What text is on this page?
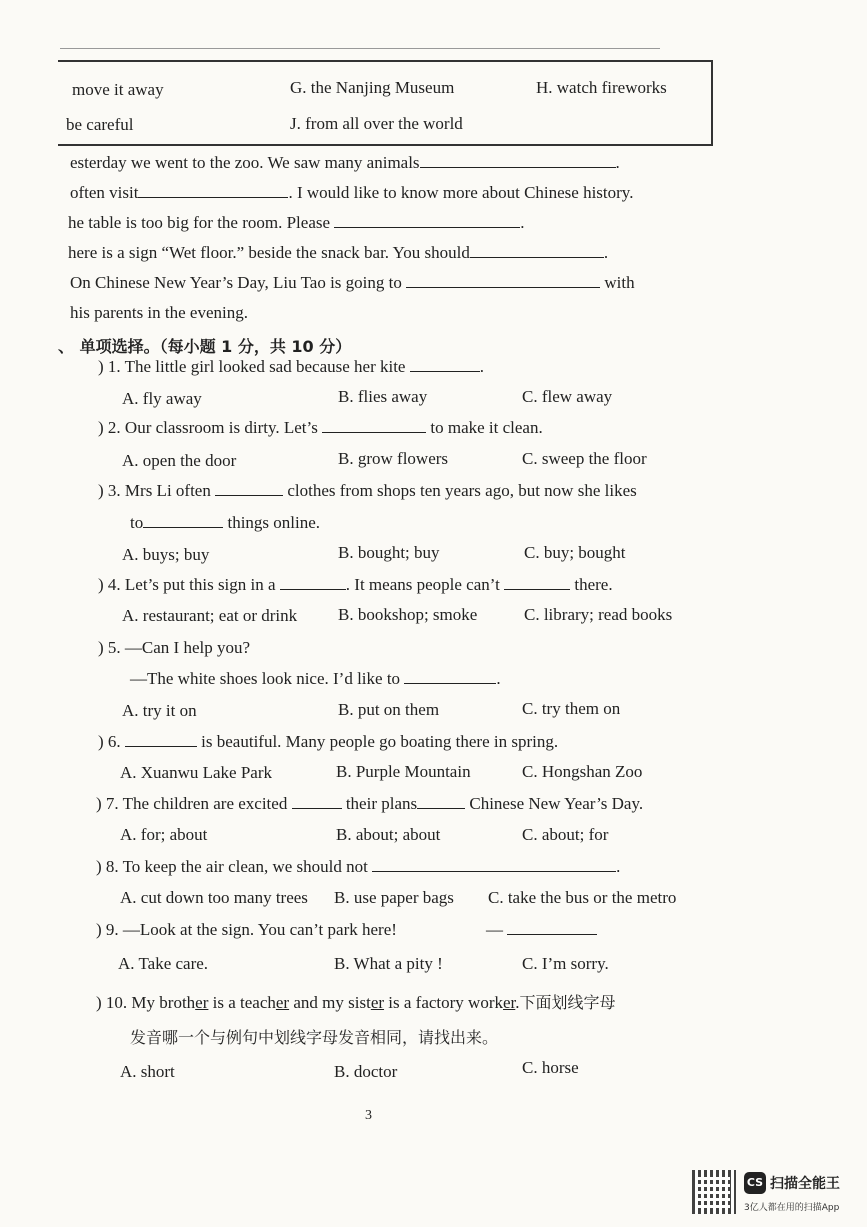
move it away	G. the Nanjing Museum	H. watch fireworks
be careful	J. from all over the world
esterday we went to the zoo. We saw many animals	.
often visit	. I would like to know more about Chinese history.
he table is too big for the room. Please	.
here is a sign “Wet floor.” beside the snack bar. You should	.
On Chinese New Year’s Day, Liu Tao is going to	with
his parents in the evening.
、 单项选择。（每小题 1 分，共 10 分）
) 1. The little girl looked sad because her kite	.
A. fly away	B. flies away	C. flew away
) 2. Our classroom is dirty. Let’s	to make it clean.
A. open the door	B. grow flowers	C. sweep the floor
) 3. Mrs Li often	clothes from shops ten years ago, but now she likes
to	things online.
A. buys; buy	B. bought; buy	C. buy; bought
) 4. Let’s put this sign in a	. It means people can’t	there.
A. restaurant; eat or drink B. bookshop; smoke	C. library; read books
) 5. —Can I help you?
—The white shoes look nice. I’d like to	.
A. try it on	B. put on them	C. try them on
) 6.	is beautiful. Many people go boating there in spring.
A. Xuanwu Lake Park	B. Purple Mountain	C. Hongshan Zoo
) 7. The children are excited	their plans	Chinese New Year’s Day.
A. for; about	B. about; about	C. about; for
) 8. To keep the air clean, we should not	.
A. cut down too many trees B. use paper bags C. take the bus or the metro
) 9. —Look at the sign. You can’t park here!	—
A. Take care.	B. What a pity !	C. I’m sorry.
) 10. My brother is a teacher and my sister is a factory worker.下面划线字母
发音哪一个与例句中划线字母发音相同，请找出来。
A. short	B. doctor	C. horse
3
CS 扫描全能王
3亿人都在用的扫描App
